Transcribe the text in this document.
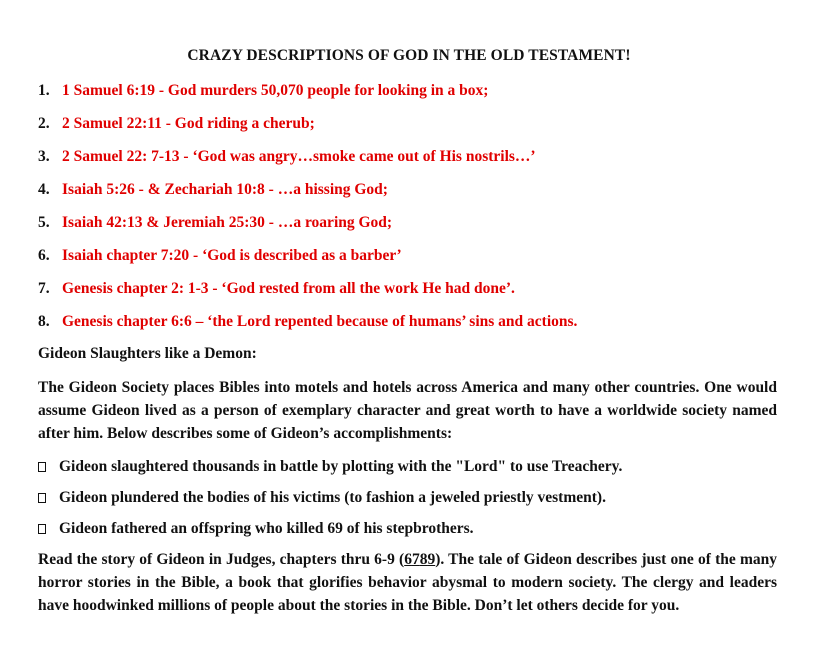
CRAZY DESCRIPTIONS OF GOD IN THE OLD TESTAMENT!
1. 1 Samuel 6:19 - God murders 50,070 people for looking in a box;
2. 2 Samuel 22:11 - God riding a cherub;
3. 2 Samuel 22: 7-13 - ‘God was angry…smoke came out of His nostrils…’
4. Isaiah 5:26 - & Zechariah 10:8 - …a hissing God;
5. Isaiah 42:13 & Jeremiah 25:30 - …a roaring God;
6. Isaiah chapter 7:20 - ‘God is described as a barber’
7. Genesis chapter 2: 1-3 - ‘God rested from all the work He had done’.
8. Genesis chapter 6:6 – ‘the Lord repented because of humans’ sins and actions.
Gideon Slaughters like a Demon:

The Gideon Society places Bibles into motels and hotels across America and many other countries. One would assume Gideon lived as a person of exemplary character and great worth to have a worldwide society named after him. Below describes some of Gideon’s accomplishments:

Gideon slaughtered thousands in battle by plotting with the "Lord" to use Treachery.
Gideon plundered the bodies of his victims (to fashion a jeweled priestly vestment).
Gideon fathered an offspring who killed 69 of his stepbrothers.

Read the story of Gideon in Judges, chapters thru 6-9 (6789). The tale of Gideon describes just one of the many horror stories in the Bible, a book that glorifies behavior abysmal to modern society. The clergy and leaders have hoodwinked millions of people about the stories in the Bible. Don’t let others decide for you.
